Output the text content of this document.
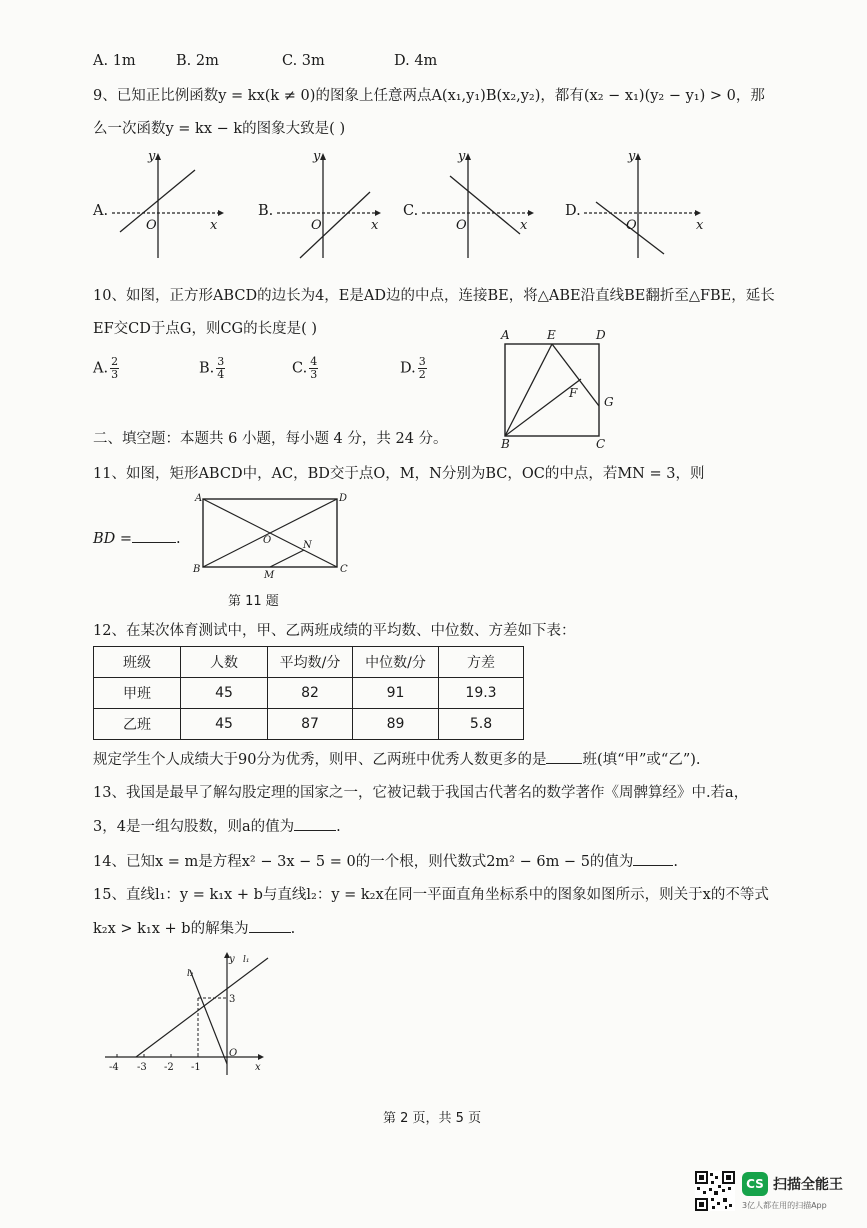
A. 1m	B. 2m	C. 3m	D. 4m
9、已知正比例函数y = kx(k ≠ 0)的图象上任意两点A(x₁,y₁)B(x₂,y₂)，都有(x₂ − x₁)(y₂ − y₁) > 0，那
么一次函数y = kx − k的图象大致是( )
A.
y
x
O
B.
y
x
O
C.
y
x
O
D.
y
x
O
10、如图，正方形ABCD的边长为4，E是AD边的中点，连接BE，将△ABE沿直线BE翻折至△FBE，延长
EF交CD于点G，则CG的长度是( )
A. $\frac{2}{3}$	B. $\frac{3}{4}$	C. $\frac{4}{3}$	D. $\frac{3}{2}$
A	E	D
F
G
B	C
二、填空题：本题共 6 小题，每小题 4 分，共 24 分。
11、如图，矩形ABCD中，AC，BD交于点O，M，N分别为BC，OC的中点，若MN = 3，则
BD =	.
A	D
O	N
B
M
C
第 11 题
12、在某次体育测试中，甲、乙两班成绩的平均数、中位数、方差如下表：
班级	人数	平均数/分	中位数/分	方差
甲班	45	82	91	19.3
乙班	45	87	89	5.8
规定学生个人成绩大于90分为优秀，则甲、乙两班中优秀人数更多的是 班(填“甲”或“乙”).
13、我国是最早了解勾股定理的国家之一，它被记载于我国古代著名的数学著作《周髀算经》中.若a，
3，4是一组勾股数，则a的值为	.
14、已知x = m是方程x² − 3x − 5 = 0的一个根，则代数式2m² − 6m − 5的值为	.
15、直线l₁：y = k₁x + b与直线l₂：y = k₂x在同一平面直角坐标系中的图象如图所示，则关于x的不等式
k₂x > k₁x + b的解集为	.
-4 -3 -2 -1
3
O
x
y l₁
l₂
第 2 页，共 5 页
CS 扫描全能王
3亿人都在用的扫描App
